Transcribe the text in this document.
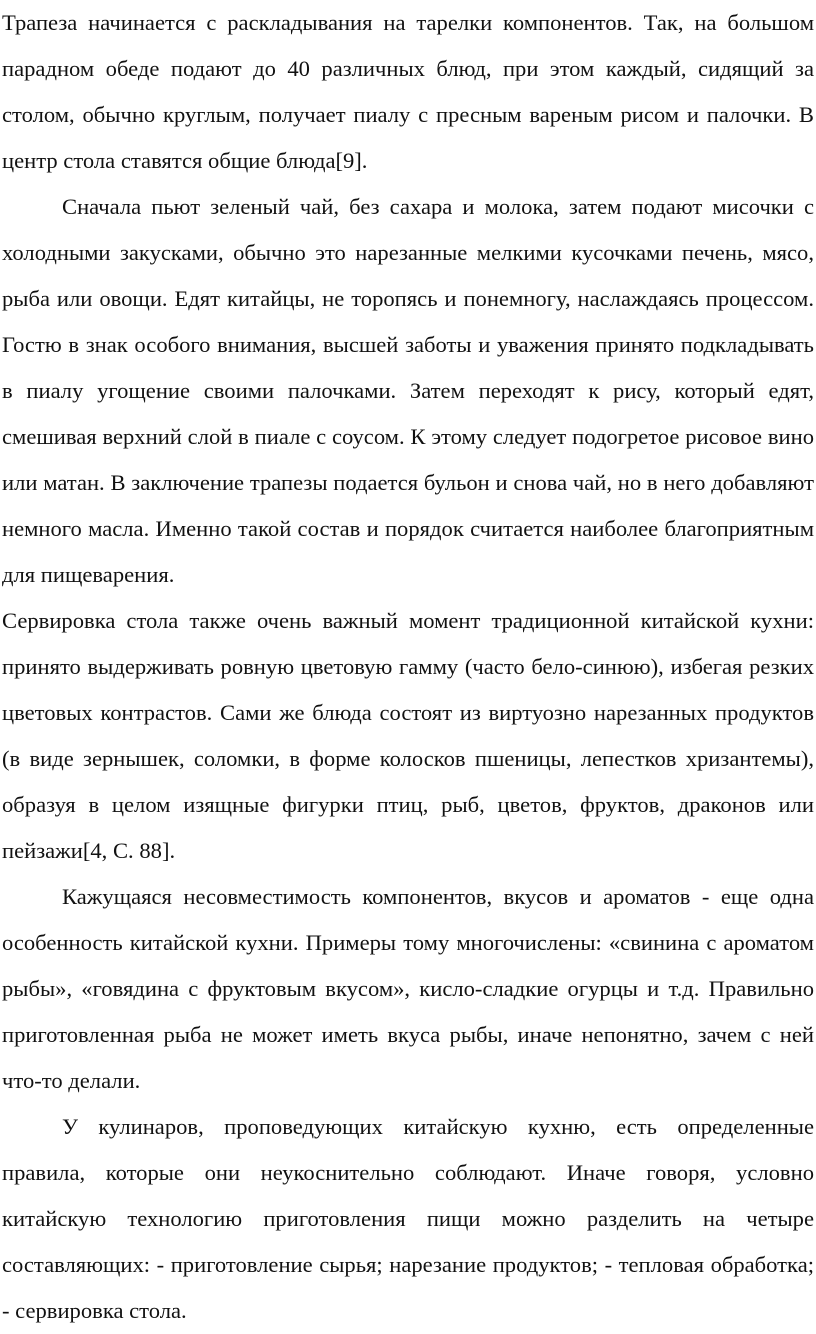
Трапеза начинается с раскладывания на тарелки компонентов. Так, на большом парадном обеде подают до 40 различных блюд, при этом каждый, сидящий за столом, обычно круглым, получает пиалу с пресным вареным рисом и палочки. В центр стола ставятся общие блюда[9].

Сначала пьют зеленый чай, без сахара и молока, затем подают мисочки с холодными закусками, обычно это нарезанные мелкими кусочками печень, мясо, рыба или овощи. Едят китайцы, не торопясь и понемногу, наслаждаясь процессом. Гостю в знак особого внимания, высшей заботы и уважения принято подкладывать в пиалу угощение своими палочками. Затем переходят к рису, который едят, смешивая верхний слой в пиале с соусом. К этому следует подогретое рисовое вино или матан. В заключение трапезы подается бульон и снова чай, но в него добавляют немного масла. Именно такой состав и порядок считается наиболее благоприятным для пищеварения.

Сервировка стола также очень важный момент традиционной китайской кухни: принято выдерживать ровную цветовую гамму (часто бело-синюю), избегая резких цветовых контрастов. Сами же блюда состоят из виртуозно нарезанных продуктов (в виде зернышек, соломки, в форме колосков пшеницы, лепестков хризантемы), образуя в целом изящные фигурки птиц, рыб, цветов, фруктов, драконов или пейзажи[4, С. 88].

Кажущаяся несовместимость компонентов, вкусов и ароматов - еще одна особенность китайской кухни. Примеры тому многочислены: «свинина с ароматом рыбы», «говядина с фруктовым вкусом», кисло-сладкие огурцы и т.д. Правильно приготовленная рыба не может иметь вкуса рыбы, иначе непонятно, зачем с ней что-то делали.

У кулинаров, проповедующих китайскую кухню, есть определенные правила, которые они неукоснительно соблюдают. Иначе говоря, условно китайскую технологию приготовления пищи можно разделить на четыре составляющих: - приготовление сырья; нарезание продуктов; - тепловая обработка; - сервировка стола.
